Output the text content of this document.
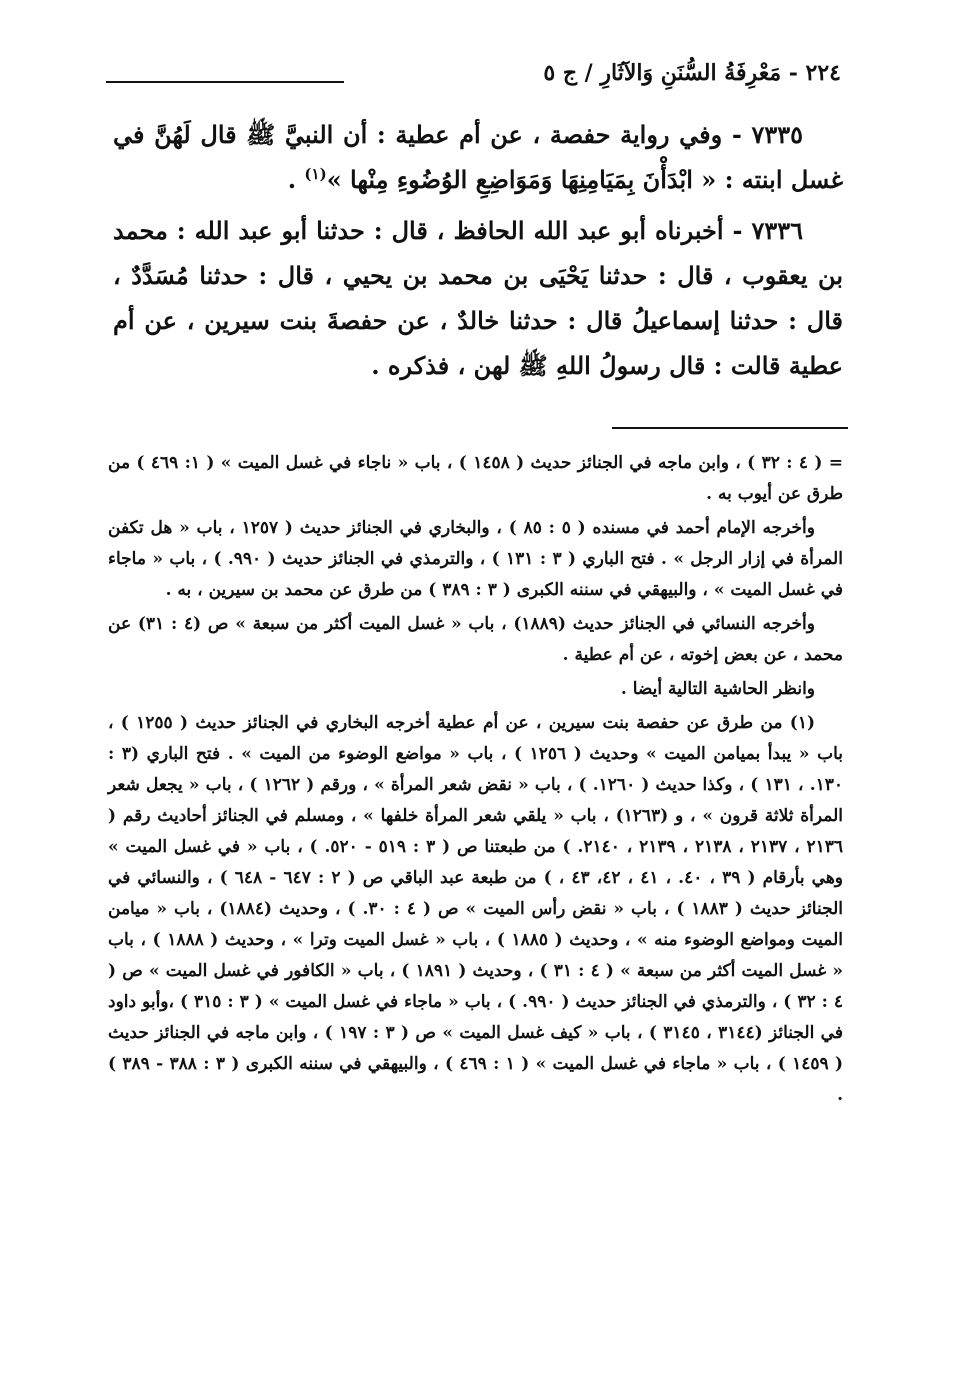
٢٢٤ - مَعْرِفَةُ السُّنَنِ وَالآثَارِ / ج ٥

٧٣٣٥ - وفي رواية حفصة ، عن أم عطية : أن النبيَّ ﷺ قال لَهُنَّ في غسل ابنته : « ابْدَأْنَ بِمَيَامِنِهَا وَمَوَاضِعِ الوُضُوءِ مِنْها »$^{(١)}$ .

٧٣٣٦ - أخبرناه أبو عبد الله الحافظ ، قال : حدثنا أبو عبد الله : محمد بن يعقوب ، قال : حدثنا يَحْيَى بن محمد بن يحيي ، قال : حدثنا مُسَدَّدٌ ، قال : حدثنا إسماعيلُ قال : حدثنا خالدٌ ، عن حفصةَ بنت سيرين ، عن أم عطية قالت : قال رسولُ اللهِ ﷺ لهن ، فذكره .

= ( ٤ : ٣٢ ) ، وابن ماجه في الجنائز حديث ( ١٤٥٨ ) ، باب « ناجاء في غسل الميت » ( ١: ٤٦٩ ) من طرق عن أيوب به .

وأخرجه الإمام أحمد في مسنده ( ٥ : ٨٥ ) ، والبخاري في الجنائز حديث ( ١٢٥٧ ، باب « هل تكفن المرأة في إزار الرجل » . فتح الباري ( ٣ : ١٣١ ) ، والترمذي في الجنائز حديث ( ٩٩٠. ) ، باب « ماجاء في غسل الميت » ، والبيهقي في سننه الكبرى ( ٣ : ٣٨٩ ) من طرق عن محمد بن سيرين ، به .

وأخرجه النسائي في الجنائز حديث (١٨٨٩) ، باب « غسل الميت أكثر من سبعة » ص (٤ : ٣١) عن محمد ، عن بعض إخوته ، عن أم عطية .

وانظر الحاشية التالية أيضا .

(١) من طرق عن حفصة بنت سيرين ، عن أم عطية أخرجه البخاري في الجنائز حديث ( ١٢٥٥ ) ، باب « يبدأ بميامن الميت » وحديث ( ١٢٥٦ ) ، باب « مواضع الوضوء من الميت » . فتح الباري (٣ : ١٣٠. ، ١٣١ ) ، وكذا حديث ( ١٢٦٠. ) ، باب « نقض شعر المرأة » ، ورقم ( ١٢٦٢ ) ، باب « يجعل شعر المرأة ثلاثة قرون » ، و (١٢٦٣) ، باب « يلقي شعر المرأة خلفها » ، ومسلم في الجنائز أحاديث رقم ( ٢١٣٦ ، ٢١٣٧ ، ٢١٣٨ ، ٢١٣٩ ، ٢١٤٠. ) من طبعتنا ص ( ٣ : ٥١٩ - ٥٢٠. ) ، باب « في غسل الميت » وهي بأرقام ( ٣٩ ، ٤٠. ، ٤١ ، ٤٢، ٤٣ ، ) من طبعة عبد الباقي ص ( ٢ : ٦٤٧ - ٦٤٨ ) ، والنسائي في الجنائز حديث ( ١٨٨٣ ) ، باب « نقض رأس الميت » ص ( ٤ : ٣٠. ) ، وحديث (١٨٨٤) ، باب « ميامن الميت ومواضع الوضوء منه » ، وحديث ( ١٨٨٥ ) ، باب « غسل الميت وترا » ، وحديث ( ١٨٨٨ ) ، باب « غسل الميت أكثر من سبعة » ( ٤ : ٣١ ) ، وحديث ( ١٨٩١ ) ، باب « الكافور في غسل الميت » ص ( ٤ : ٣٢ ) ، والترمذي في الجنائز حديث ( ٩٩٠. ) ، باب « ماجاء في غسل الميت » ( ٣ : ٣١٥ ) ،وأبو داود في الجنائز (٣١٤٤ ، ٣١٤٥ ) ، باب « كيف غسل الميت » ص ( ٣ : ١٩٧ ) ، وابن ماجه في الجنائز حديث ( ١٤٥٩ ) ، باب « ماجاء في غسل الميت » ( ١ : ٤٦٩ ) ، والبيهقي في سننه الكبرى ( ٣ : ٣٨٨ - ٣٨٩ ) .
